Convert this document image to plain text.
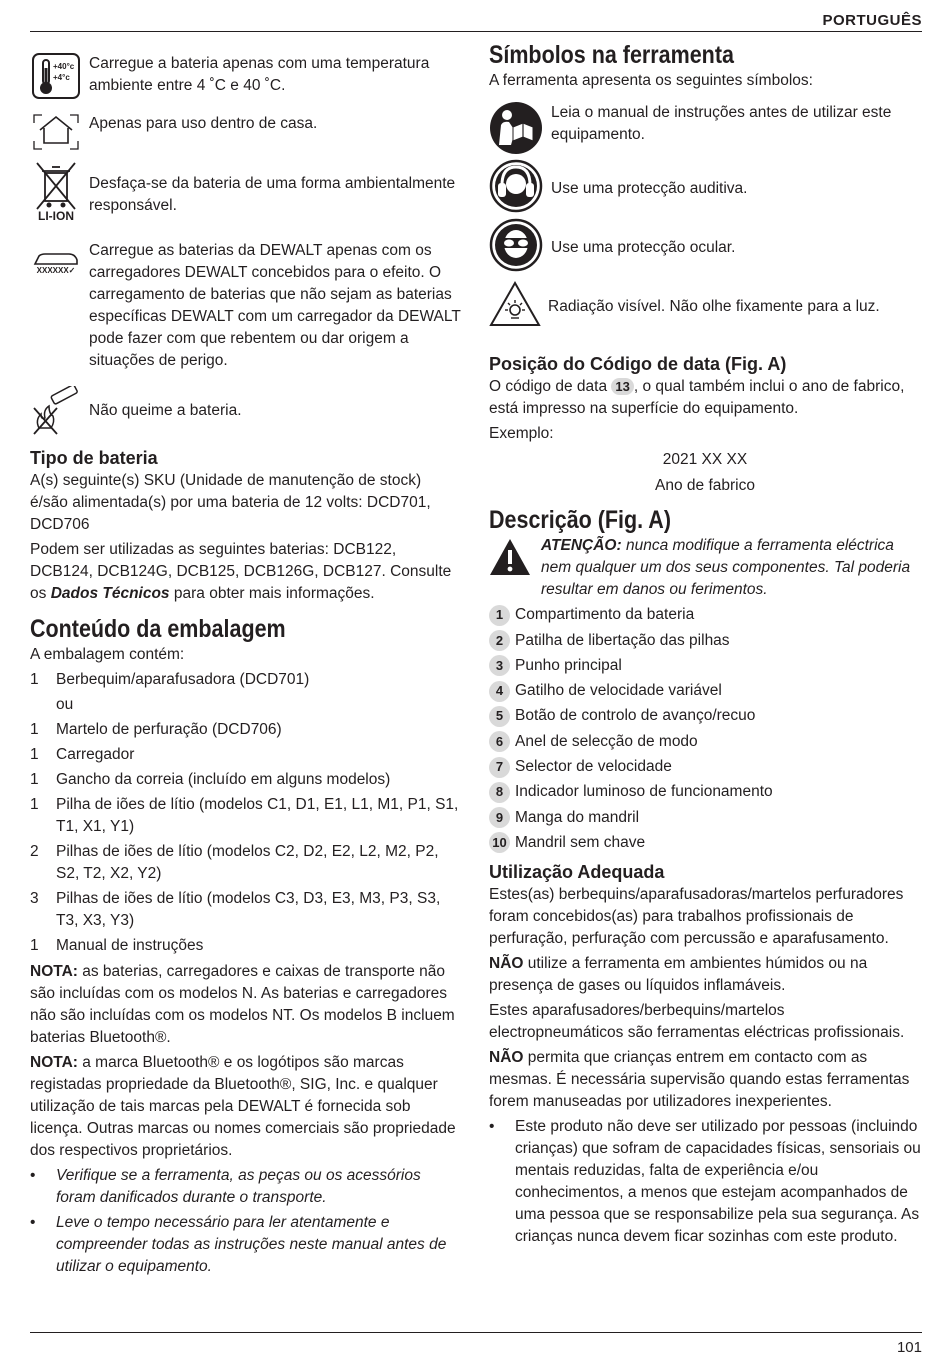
PORTUGUÊS
+40°c
+4°c

Carregue a bateria apenas com uma temperatura ambiente entre 4 ˚C e 40 ˚C.

Apenas para uso dentro de casa.

LI-ION

Desfaça-se da bateria de uma forma ambientalmente responsável.

XXXXXX✓

Carregue as baterias da DEWALT apenas com os carregadores DEWALT concebidos para o efeito. O carregamento de baterias que não sejam as baterias específicas DEWALT com um carregador da DEWALT pode fazer com que rebentem ou dar origem a situações de perigo.

Não queime a bateria.

Tipo de bateria

A(s) seguinte(s) SKU (Unidade de manutenção de stock) é/são alimentada(s) por uma bateria de 12 volts: DCD701, DCD706

Podem ser utilizadas as seguintes baterias: DCB122, DCB124, DCB124G, DCB125, DCB126G, DCB127. Consulte os Dados Técnicos para obter mais informações.

Conteúdo da embalagem

A embalagem contém:

1	Berbequim/aparafusadora (DCD701)
ou
1	Martelo de perfuração (DCD706)
1	Carregador
1	Gancho da correia (incluído em alguns modelos)
1	Pilha de iões de lítio (modelos C1, D1, E1, L1, M1, P1, S1, T1, X1, Y1)
2	Pilhas de iões de lítio (modelos C2, D2, E2, L2, M2, P2, S2, T2, X2, Y2)
3	Pilhas de iões de lítio (modelos C3, D3, E3, M3, P3, S3, T3, X3, Y3)
1	Manual de instruções

NOTA: as baterias, carregadores e caixas de transporte não são incluídas com os modelos N. As baterias e carregadores não são incluídas com os modelos NT. Os modelos B incluem baterias Bluetooth®.

NOTA: a marca Bluetooth® e os logótipos são marcas registadas propriedade da Bluetooth®, SIG, Inc. e qualquer utilização de tais marcas pela DEWALT é fornecida sob licença. Outras marcas ou nomes comerciais são propriedade dos respectivos proprietários.

•	Verifique se a ferramenta, as peças ou os acessórios foram danificados durante o transporte.
•	Leve o tempo necessário para ler atentamente e compreender todas as instruções neste manual antes de utilizar o equipamento.
Símbolos na ferramenta

A ferramenta apresenta os seguintes símbolos:

Leia o manual de instruções antes de utilizar este equipamento.

Use uma protecção auditiva.

Use uma protecção ocular.

Radiação visível. Não olhe fixamente para a luz.

Posição do Código de data (Fig. A)

O código de data 13 , o qual também inclui o ano de fabrico, está impresso na superfície do equipamento.

Exemplo:

2021 XX XX

Ano de fabrico

Descrição (Fig. A)

ATENÇÃO: nunca modifique a ferramenta eléctrica nem qualquer um dos seus componentes. Tal poderia resultar em danos ou ferimentos.

1 Compartimento da bateria
2 Patilha de libertação das pilhas
3 Punho principal
4 Gatilho de velocidade variável
5 Botão de controlo de avanço/recuo
6 Anel de selecção de modo
7 Selector de velocidade
8 Indicador luminoso de funcionamento
9 Manga do mandril
10 Mandril sem chave
Utilização Adequada

Estes(as) berbequins/aparafusadoras/martelos perfuradores foram concebidos(as) para trabalhos profissionais de perfuração, perfuração com percussão e aparafusamento.

NÃO utilize a ferramenta em ambientes húmidos ou na presença de gases ou líquidos inflamáveis.

Estes aparafusadores/berbequins/martelos electropneumáticos são ferramentas eléctricas profissionais.

NÃO permita que crianças entrem em contacto com as mesmas. É necessária supervisão quando estas ferramentas forem manuseadas por utilizadores inexperientes.

•	Este produto não deve ser utilizado por pessoas (incluindo crianças) que sofram de capacidades físicas, sensoriais ou mentais reduzidas, falta de experiência e/ou conhecimentos, a menos que estejam acompanhados de uma pessoa que se responsabilize pela sua segurança. As crianças nunca devem ficar sozinhas com este produto.
101
